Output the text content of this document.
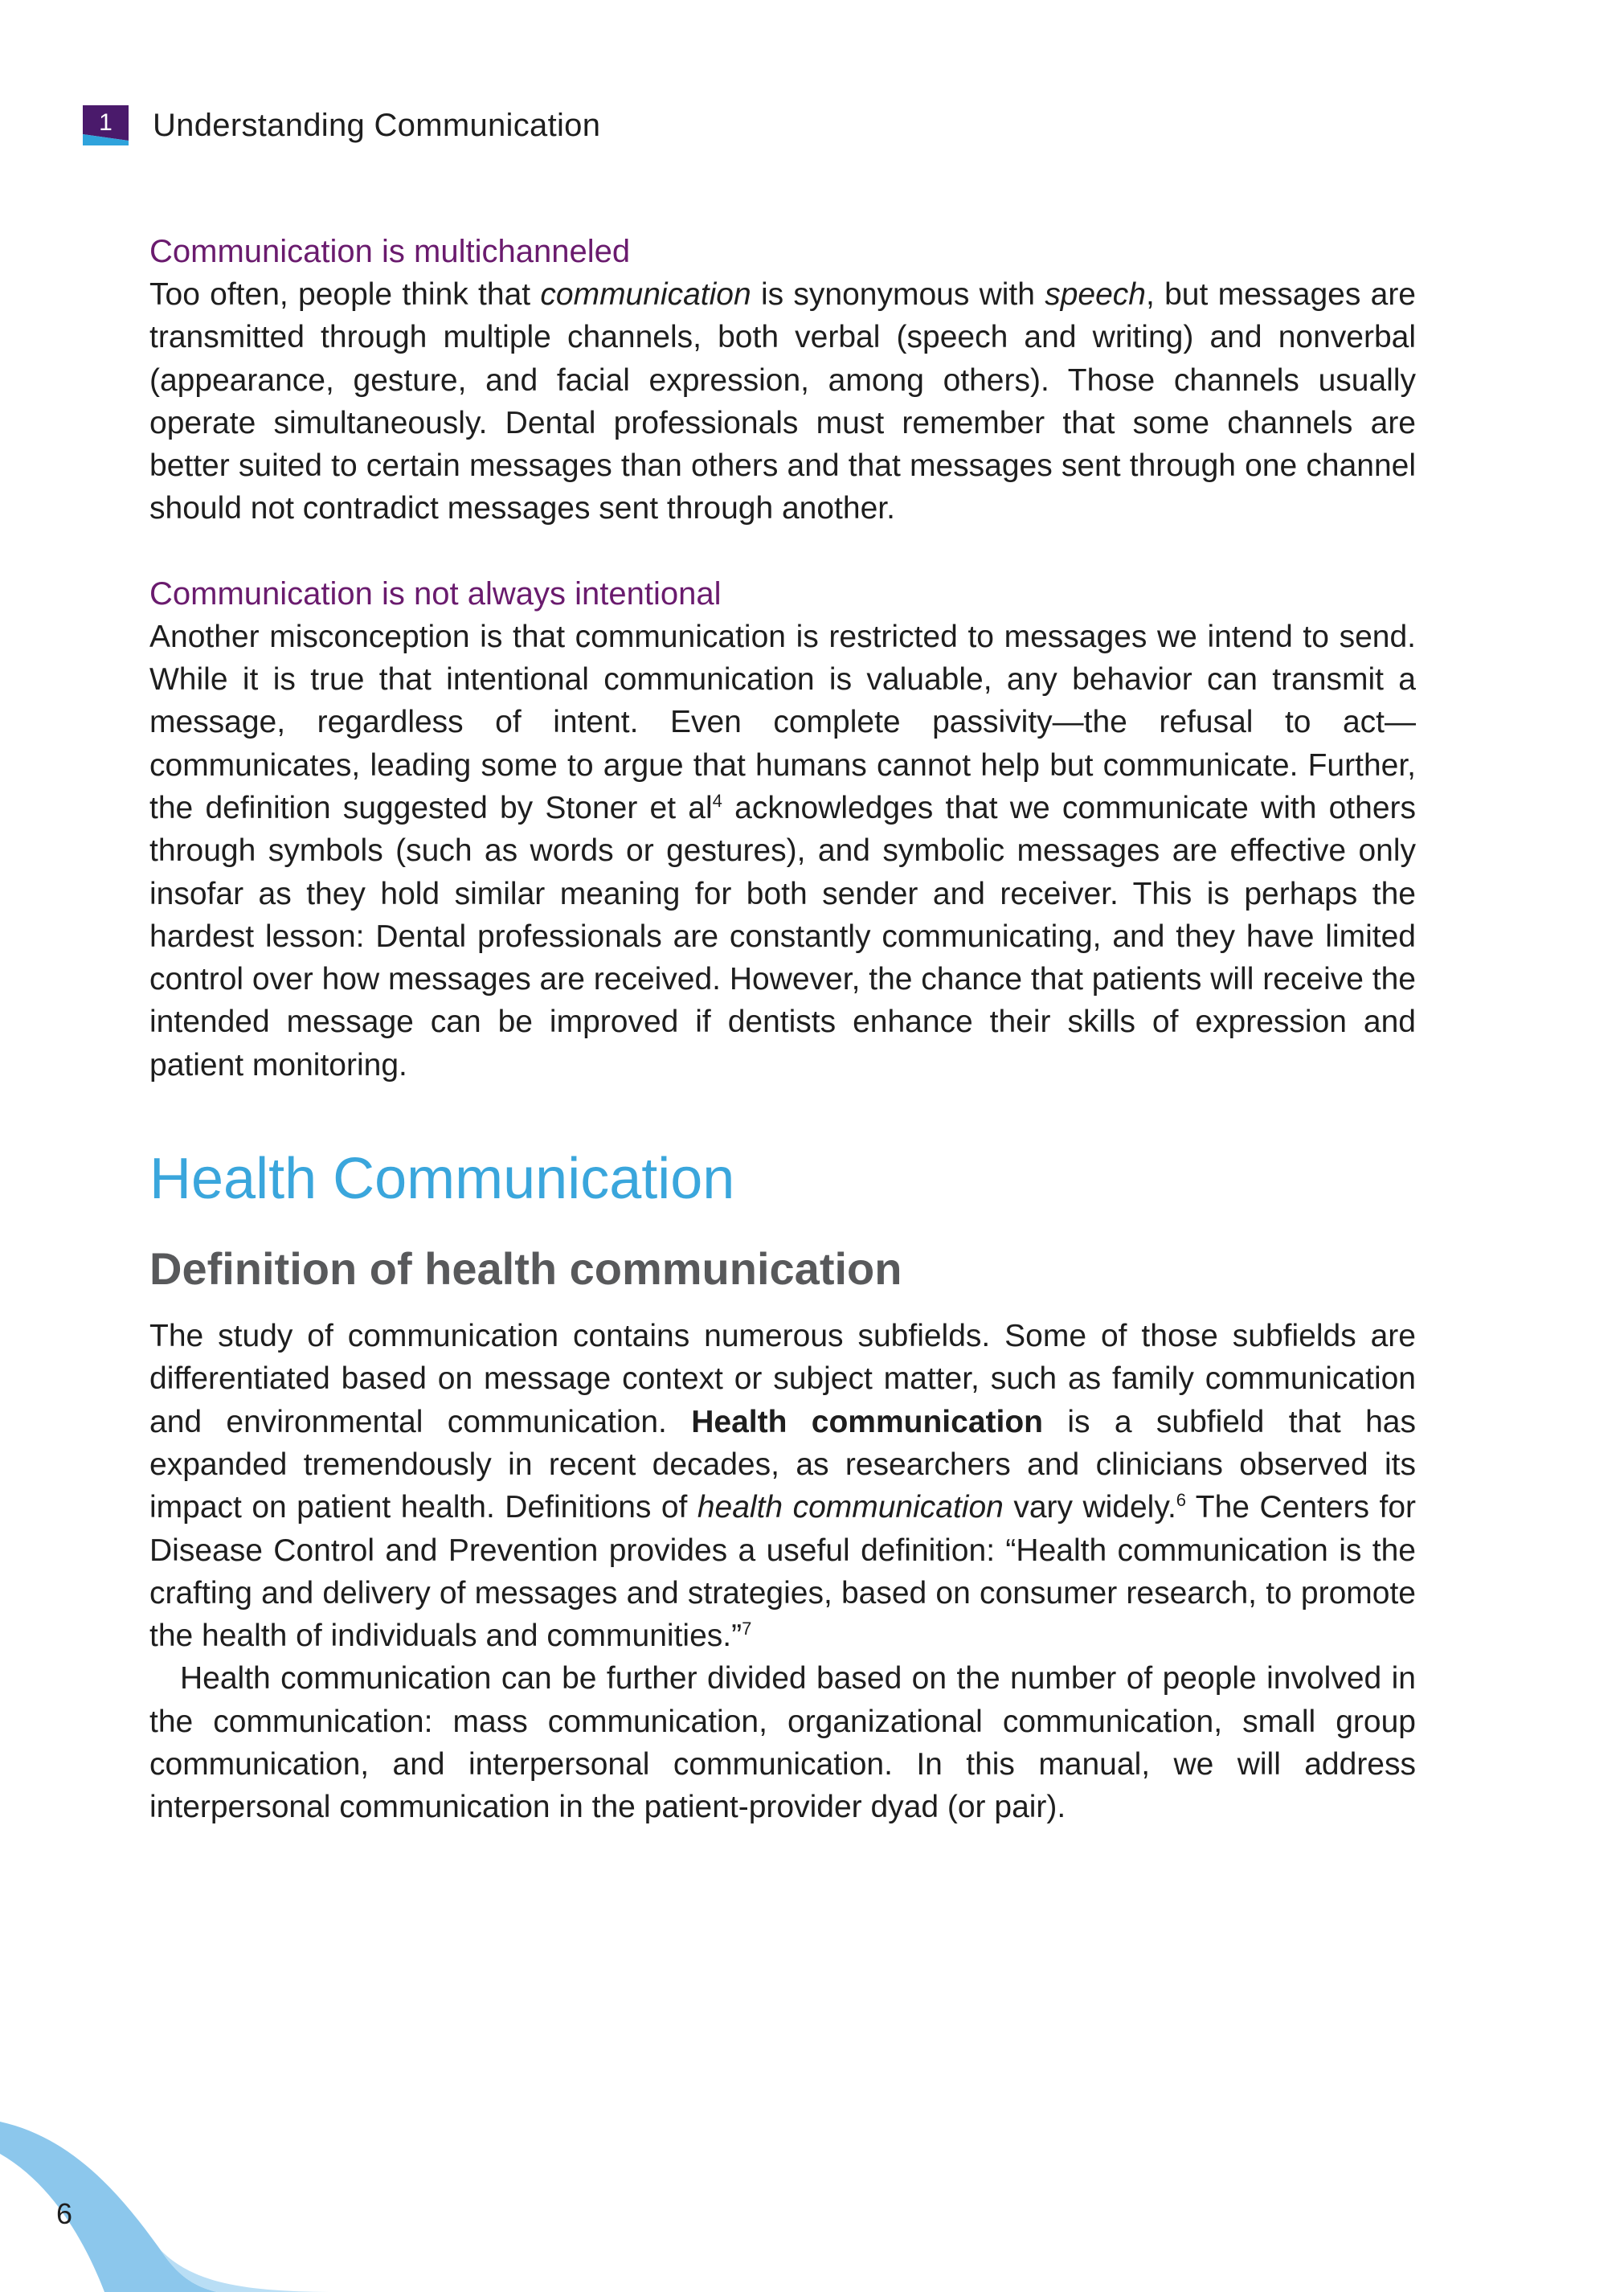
1	Understanding Communication
Communication is multichanneled

Too often, people think that communication is synonymous with speech, but messages are transmitted through multiple channels, both verbal (speech and writing) and nonverbal (appearance, gesture, and facial expression, among others). Those channels usually operate simultaneously. Dental professionals must remember that some channels are better suited to certain messages than others and that messages sent through one channel should not contradict messages sent through another.

Communication is not always intentional

Another misconception is that communication is restricted to messages we intend to send. While it is true that intentional communication is valuable, any behavior can transmit a message, regardless of intent. Even complete passivity—the refusal to act—communicates, leading some to argue that humans cannot help but communicate. Further, the definition suggested by Stoner et $al^4$ acknowledges that we communicate with others through symbols (such as words or gestures), and symbolic messages are effective only insofar as they hold similar meaning for both sender and receiver. This is perhaps the hardest lesson: Dental professionals are constantly communicating, and they have limited control over how messages are received. However, the chance that patients will receive the intended message can be improved if dentists enhance their skills of expression and patient monitoring.

Health Communication
Definition of health communication

The study of communication contains numerous subfields. Some of those subfields are differentiated based on message context or subject matter, such as family communication and environmental communication. Health communication is a subfield that has expanded tremendously in recent decades, as researchers and clinicians observed its impact on patient health. Definitions of health communication vary widely.$^6$ The Centers for Disease Control and Prevention provides a useful definition: “Health communication is the crafting and delivery of messages and strategies, based on consumer research, to promote the health of individuals and communities.”$^7$

Health communication can be further divided based on the number of people involved in the communication: mass communication, organizational communication, small group communication, and interpersonal communication. In this manual, we will address interpersonal communication in the patient-provider dyad (or pair).

6
